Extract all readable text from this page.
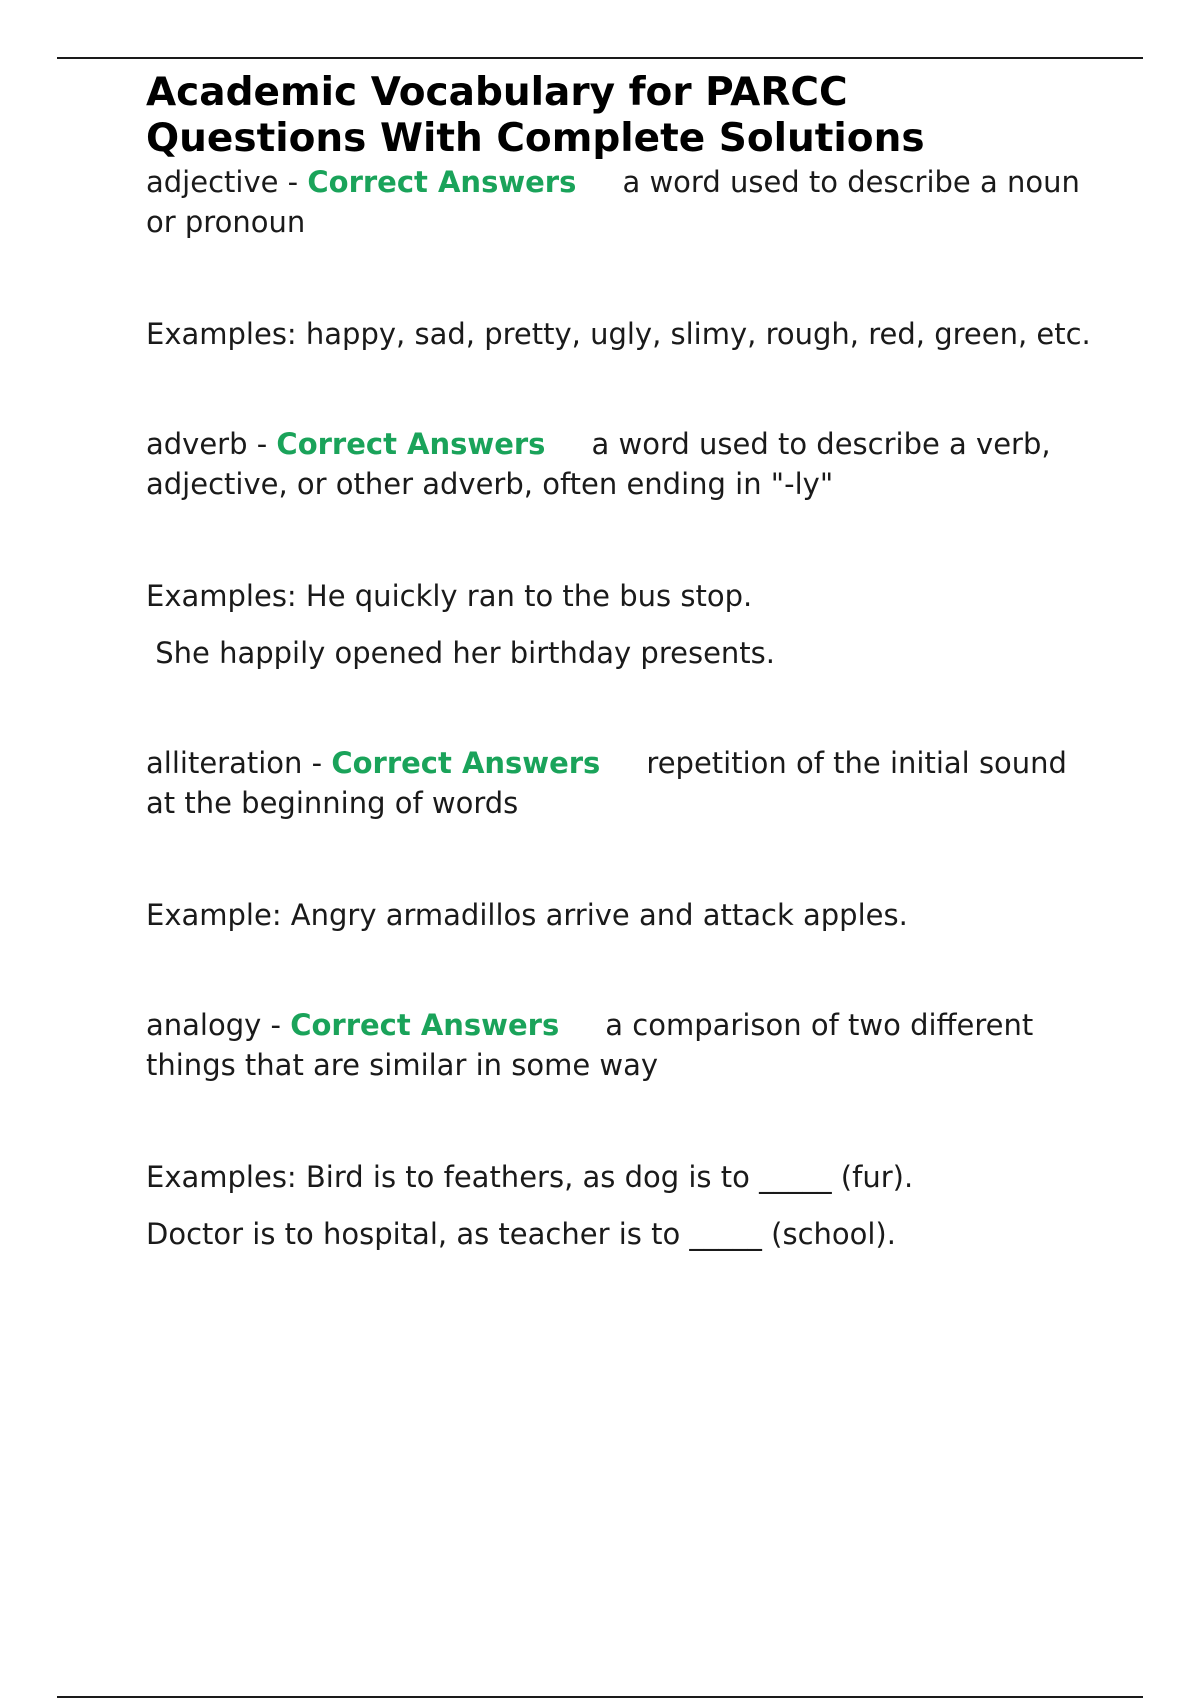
Academic Vocabulary for PARCC
Questions With Complete Solutions

adjective - Correct Answers     a word used to describe a noun or pronoun

Examples: happy, sad, pretty, ugly, slimy, rough, red, green, etc.

adverb - Correct Answers     a word used to describe a verb, adjective, or other adverb, often ending in "-ly"

Examples: He quickly ran to the bus stop.

She happily opened her birthday presents.

alliteration - Correct Answers     repetition of the initial sound at the beginning of words

Example: Angry armadillos arrive and attack apples.

analogy - Correct Answers     a comparison of two different things that are similar in some way

Examples: Bird is to feathers, as dog is to _____ (fur).

Doctor is to hospital, as teacher is to _____ (school).
